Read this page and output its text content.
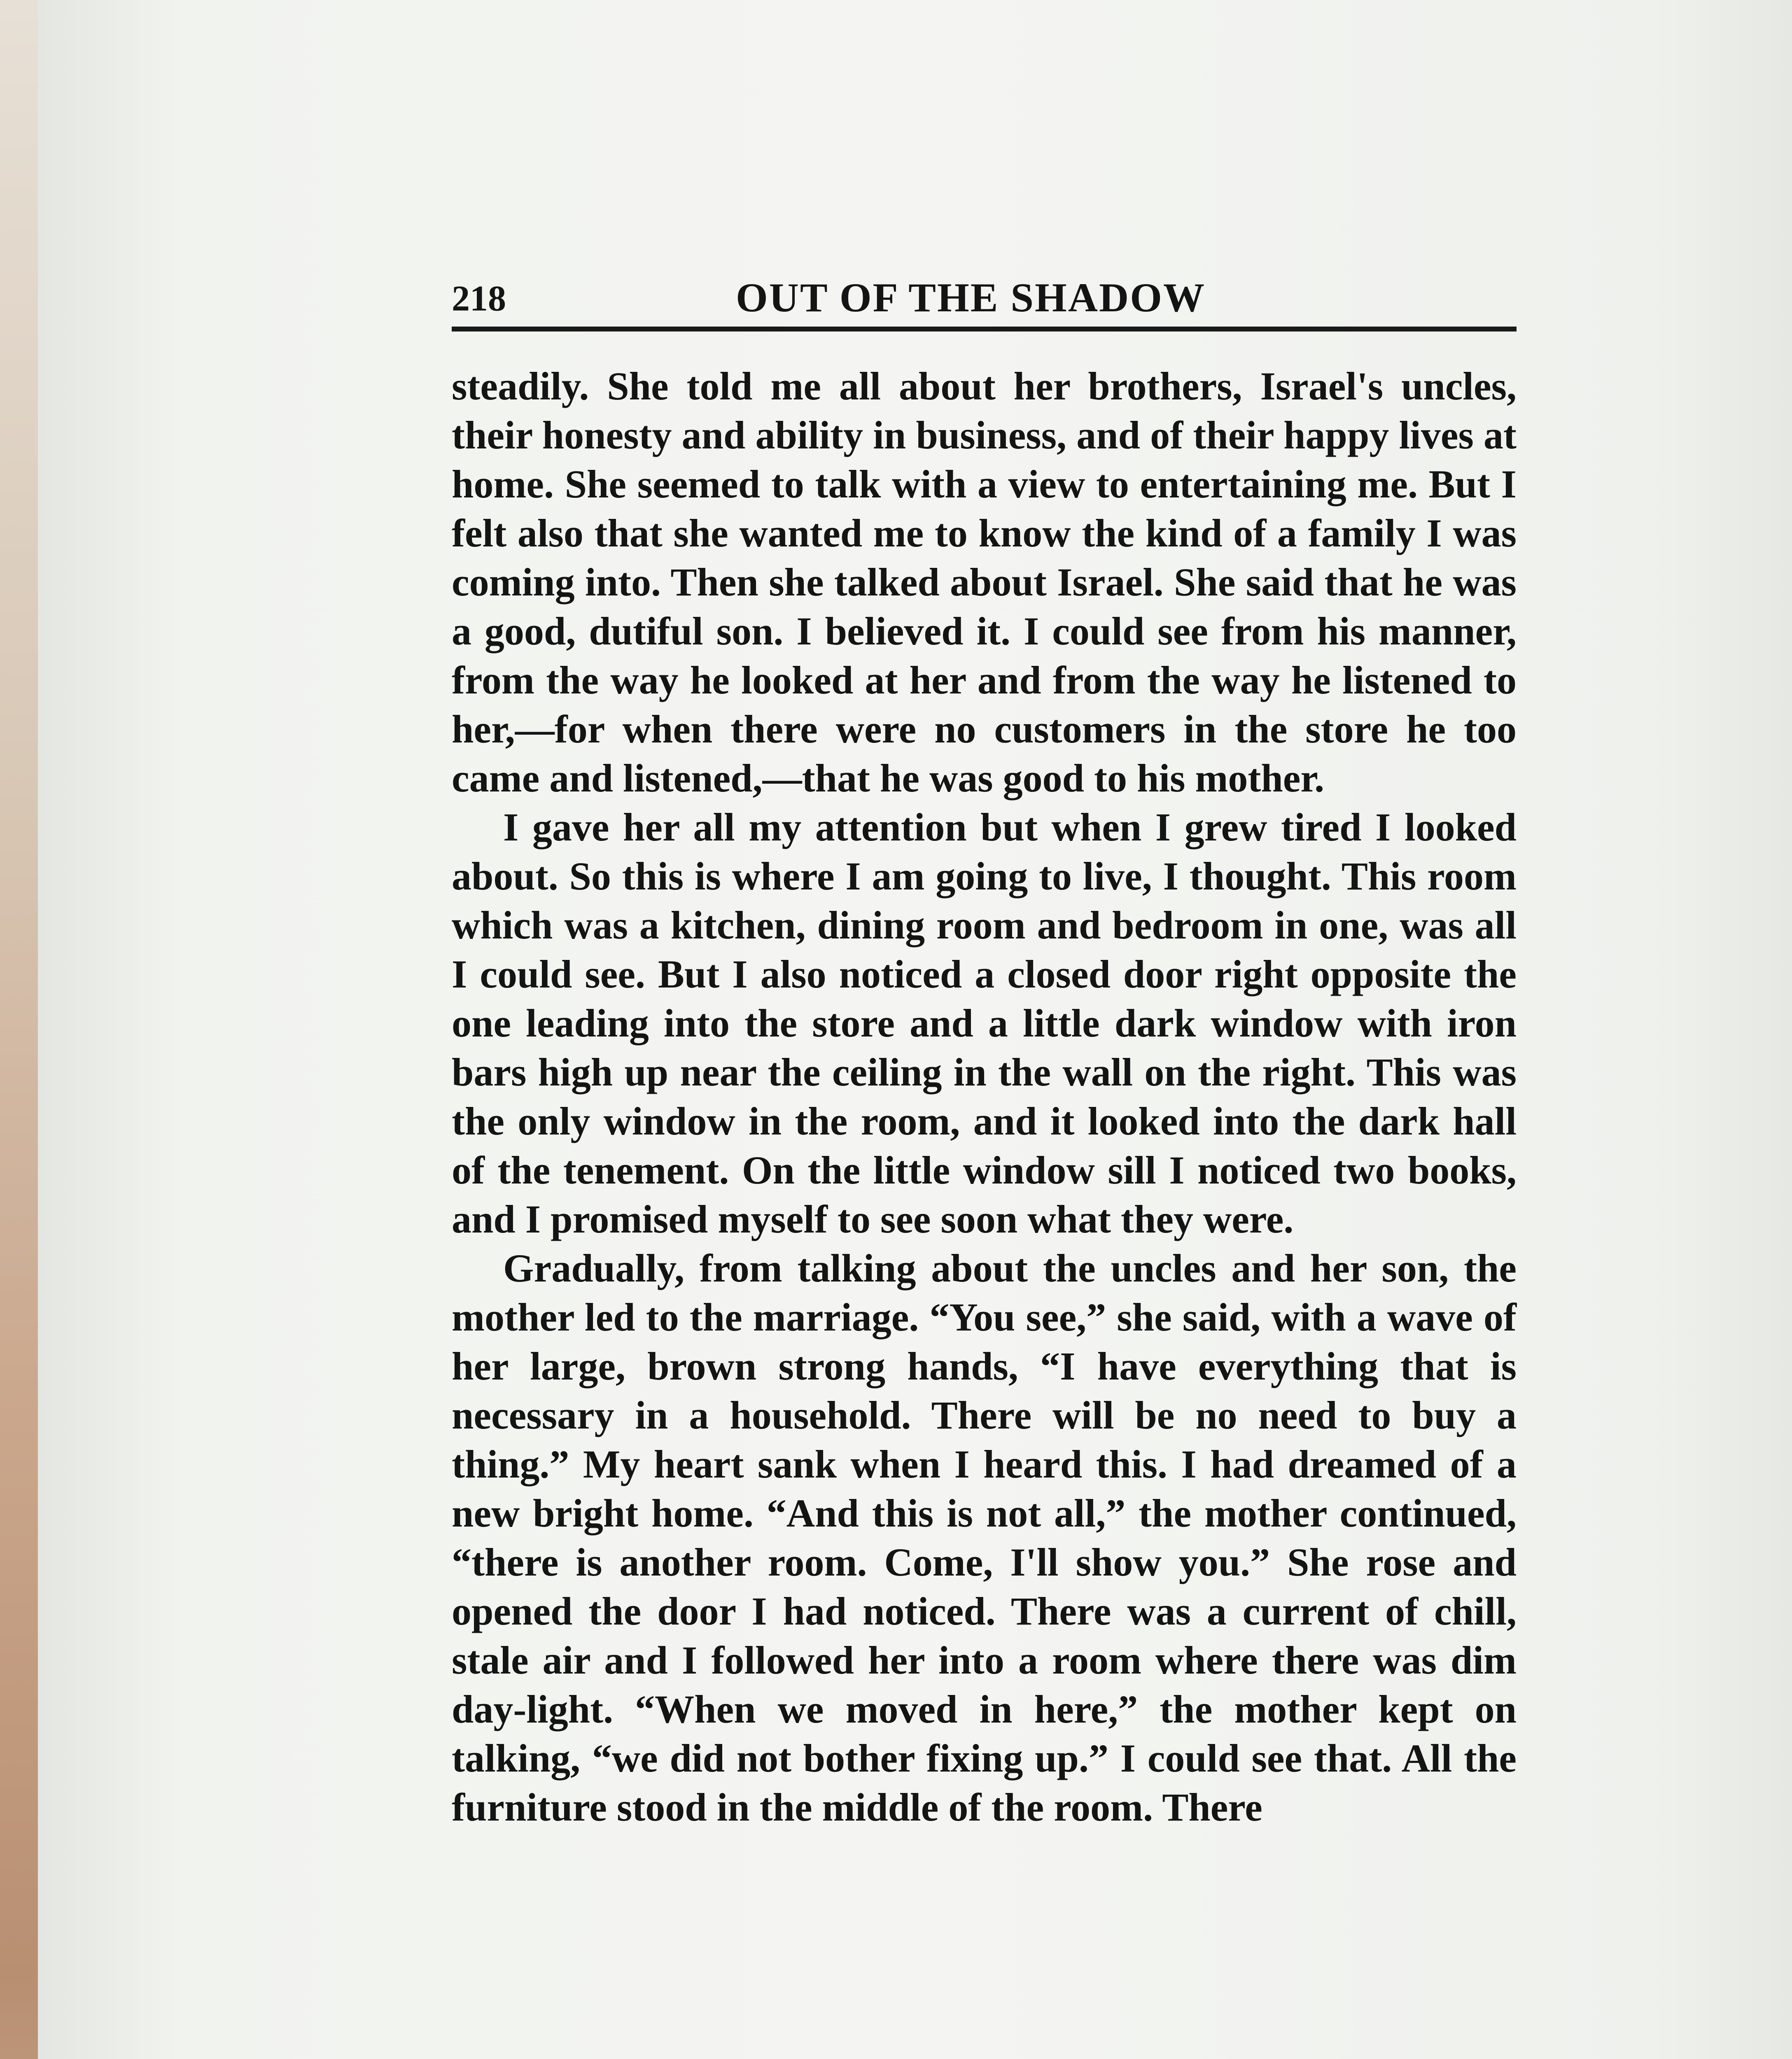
218	OUT OF THE SHADOW

steadily. She told me all about her brothers, Israel's uncles, their honesty and ability in business, and of their happy lives at home. She seemed to talk with a view to entertaining me. But I felt also that she wanted me to know the kind of a family I was coming into. Then she talked about Israel. She said that he was a good, dutiful son. I believed it. I could see from his manner, from the way he looked at her and from the way he listened to her,—for when there were no customers in the store he too came and listened,—that he was good to his mother.

I gave her all my attention but when I grew tired I looked about. So this is where I am going to live, I thought. This room which was a kitchen, dining room and bedroom in one, was all I could see. But I also noticed a closed door right opposite the one leading into the store and a little dark window with iron bars high up near the ceiling in the wall on the right. This was the only window in the room, and it looked into the dark hall of the tenement. On the little window sill I noticed two books, and I promised myself to see soon what they were.

Gradually, from talking about the uncles and her son, the mother led to the marriage. “You see,” she said, with a wave of her large, brown strong hands, “I have everything that is necessary in a household. There will be no need to buy a thing.” My heart sank when I heard this. I had dreamed of a new bright home. “And this is not all,” the mother continued, “there is another room. Come, I'll show you.” She rose and opened the door I had noticed. There was a current of chill, stale air and I followed her into a room where there was dim day-light. “When we moved in here,” the mother kept on talking, “we did not bother fixing up.” I could see that. All the furniture stood in the middle of the room. There
